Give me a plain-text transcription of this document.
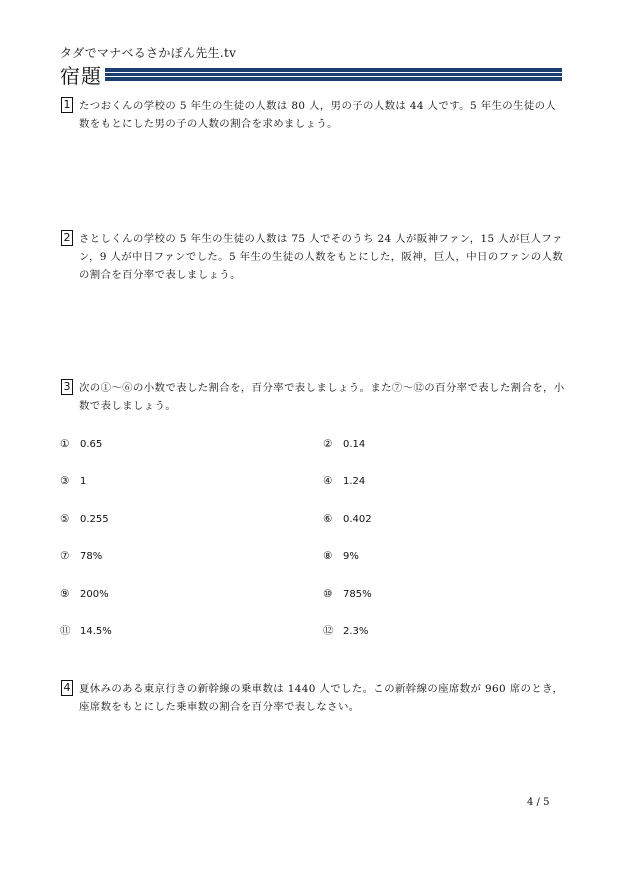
タダでマナベるさかぽん先生.tv
宿題
1 たつおくんの学校の 5 年生の生徒の人数は 80 人，男の子の人数は 44 人です。5 年生の生徒の人数をもとにした男の子の人数の割合を求めましょう。
2 さとしくんの学校の 5 年生の生徒の人数は 75 人でそのうち 24 人が阪神ファン，15 人が巨人ファン，9 人が中日ファンでした。5 年生の生徒の人数をもとにした，阪神，巨人，中日のファンの人数の割合を百分率で表しましょう。
3 次の①～⑥の小数で表した割合を，百分率で表しましょう。また⑦～⑫の百分率で表した割合を，小数で表しましょう。
① 0.65	② 0.14
③ 1	④ 1.24
⑤ 0.255	⑥ 0.402
⑦ 78%	⑧ 9%
⑨ 200%	⑩ 785%
⑪ 14.5%	⑫ 2.3%
4 夏休みのある東京行きの新幹線の乗車数は 1440 人でした。この新幹線の座席数が 960 席のとき，座席数をもとにした乗車数の割合を百分率で表しなさい。
4 / 5
